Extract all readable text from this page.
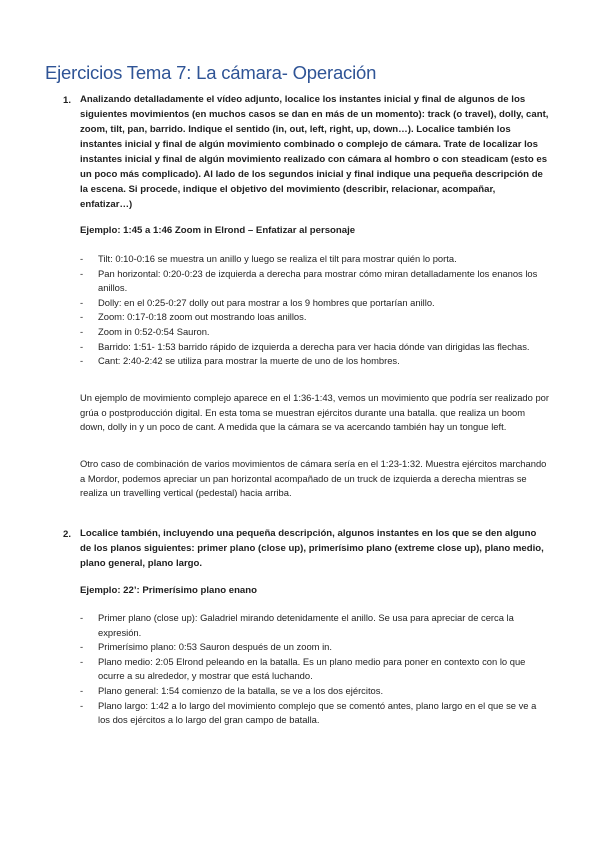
Ejercicios Tema 7: La cámara- Operación
1. Analizando detalladamente el vídeo adjunto, localice los instantes inicial y final de algunos de los siguientes movimientos (en muchos casos se dan en más de un momento): track (o travel), dolly, cant, zoom, tilt, pan, barrido. Indique el sentido (in, out, left, right, up, down…). Localice también los instantes inicial y final de algún movimiento combinado o complejo de cámara. Trate de localizar los instantes inicial y final de algún movimiento realizado con cámara al hombro o con steadicam (esto es un poco más complicado). Al lado de los segundos inicial y final indique una pequeña descripción de la escena. Si procede, indique el objetivo del movimiento (describir, relacionar, acompañar, enfatizar…)
Ejemplo: 1:45 a 1:46 Zoom in Elrond – Enfatizar al personaje
- Tilt: 0:10-0:16 se muestra un anillo y luego se realiza el tilt para mostrar quién lo porta.
- Pan horizontal: 0:20-0:23 de izquierda a derecha para mostrar cómo miran detalladamente los enanos los anillos.
- Dolly: en el 0:25-0:27 dolly out para mostrar a los 9 hombres que portarían anillo.
- Zoom: 0:17-0:18 zoom out mostrando loas anillos.
- Zoom in 0:52-0:54 Sauron.
- Barrido: 1:51- 1:53 barrido rápido de izquierda a derecha para ver hacia dónde van dirigidas las flechas.
- Cant: 2:40-2:42 se utiliza para mostrar la muerte de uno de los hombres.

Un ejemplo de movimiento complejo aparece en el 1:36-1:43, vemos un movimiento que podría ser realizado por grúa o postproducción digital. En esta toma se muestran ejércitos durante una batalla. que realiza un boom down, dolly in y un poco de cant. A medida que la cámara se va acercando también hay un tongue left.

Otro caso de combinación de varios movimientos de cámara sería en el 1:23-1:32. Muestra ejércitos marchando a Mordor, podemos apreciar un pan horizontal acompañado de un truck de izquierda a derecha mientras se realiza un travelling vertical (pedestal) hacia arriba.

2. Localice también, incluyendo una pequeña descripción, algunos instantes en los que se den alguno de los planos siguientes: primer plano (close up), primerísimo plano (extreme close up), plano medio, plano general, plano largo.
Ejemplo: 22’: Primerísimo plano enano
- Primer plano (close up): Galadriel mirando detenidamente el anillo. Se usa para apreciar de cerca la expresión.
- Primerísimo plano: 0:53 Sauron después de un zoom in.
- Plano medio: 2:05 Elrond peleando en la batalla. Es un plano medio para poner en contexto con lo que ocurre a su alrededor, y mostrar que está luchando.
- Plano general: 1:54 comienzo de la batalla, se ve a los dos ejércitos.
- Plano largo: 1:42 a lo largo del movimiento complejo que se comentó antes, plano largo en el que se ve a los dos ejércitos a lo largo del gran campo de batalla.
